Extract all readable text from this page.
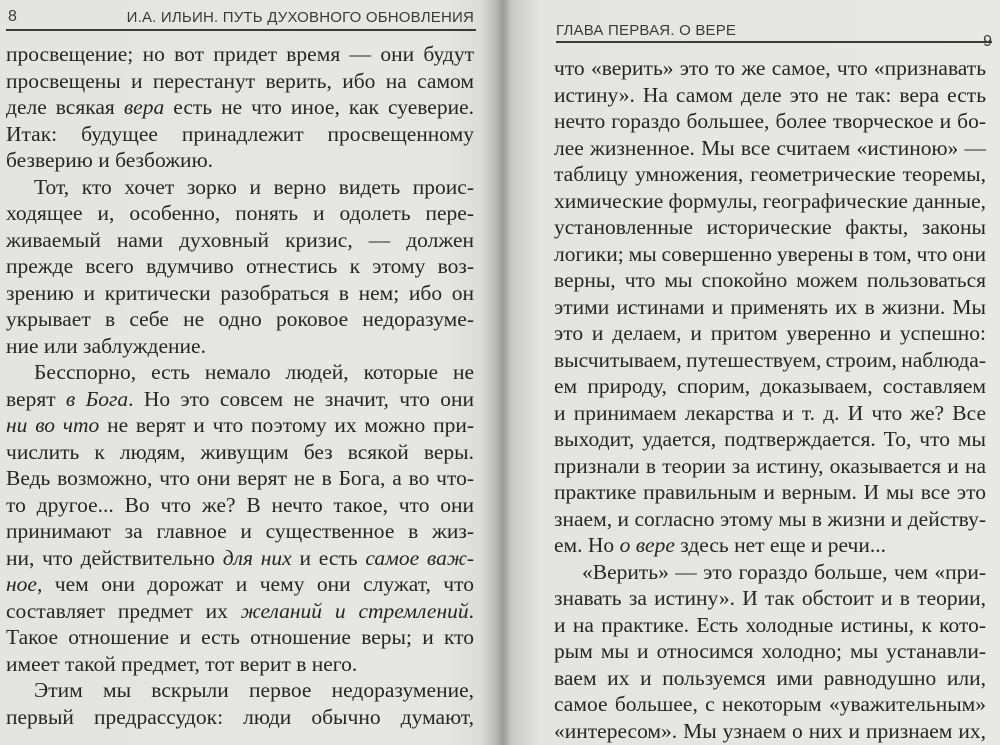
8	И.А. ИЛЬИН. ПУТЬ ДУХОВНОГО ОБНОВЛЕНИЯ
просвещение; но вот придет время — они будут
просвещены и перестанут верить, ибо на самом
деле всякая вера есть не что иное, как суеверие.
Итак: будущее принадлежит просвещенному
безверию и безбожию.
Тот, кто хочет зорко и верно видеть проис-
ходящее и, особенно, понять и одолеть пере-
живаемый нами духовный кризис, — должен
прежде всего вдумчиво отнестись к этому воз-
зрению и критически разобраться в нем; ибо он
укрывает в себе не одно роковое недоразуме-
ние или заблуждение.
Бесспорно, есть немало людей, которые не
верят в Бога. Но это совсем не значит, что они
ни во что не верят и что поэтому их можно при-
числить к людям, живущим без всякой веры.
Ведь возможно, что они верят не в Бога, а во что-
то другое... Во что же? В нечто такое, что они
принимают за главное и существенное в жиз-
ни, что действительно для них и есть самое важ-
ное, чем они дорожат и чему они служат, что
составляет предмет их желаний и стремлений.
Такое отношение и есть отношение веры; и кто
имеет такой предмет, тот верит в него.
Этим мы вскрыли первое недоразумение,
первый предрассудок: люди обычно думают,
ГЛАВА ПЕРВАЯ. О ВЕРЕ
9
что «верить» это то же самое, что «признавать
истину». На самом деле это не так: вера есть
нечто гораздо большее, более творческое и бо-
лее жизненное. Мы все считаем «истиною» —
таблицу умножения, геометрические теоремы,
химические формулы, географические данные,
установленные исторические факты, законы
логики; мы совершенно уверены в том, что они
верны, что мы спокойно можем пользоваться
этими истинами и применять их в жизни. Мы
это и делаем, и притом уверенно и успешно:
высчитываем, путешествуем, строим, наблюда-
ем природу, спорим, доказываем, составляем
и принимаем лекарства и т. д. И что же? Все
выходит, удается, подтверждается. То, что мы
признали в теории за истину, оказывается и на
практике правильным и верным. И мы все это
знаем, и согласно этому мы в жизни и действу-
ем. Но о вере здесь нет еще и речи...
«Верить» — это гораздо больше, чем «при-
знавать за истину». И так обстоит и в теории,
и на практике. Есть холодные истины, к кото-
рым мы и относимся холодно; мы устанавли-
ваем их и пользуемся ими равнодушно или,
самое большее, с некоторым «уважительным»
«интересом». Мы узнаем о них и признаем их,
